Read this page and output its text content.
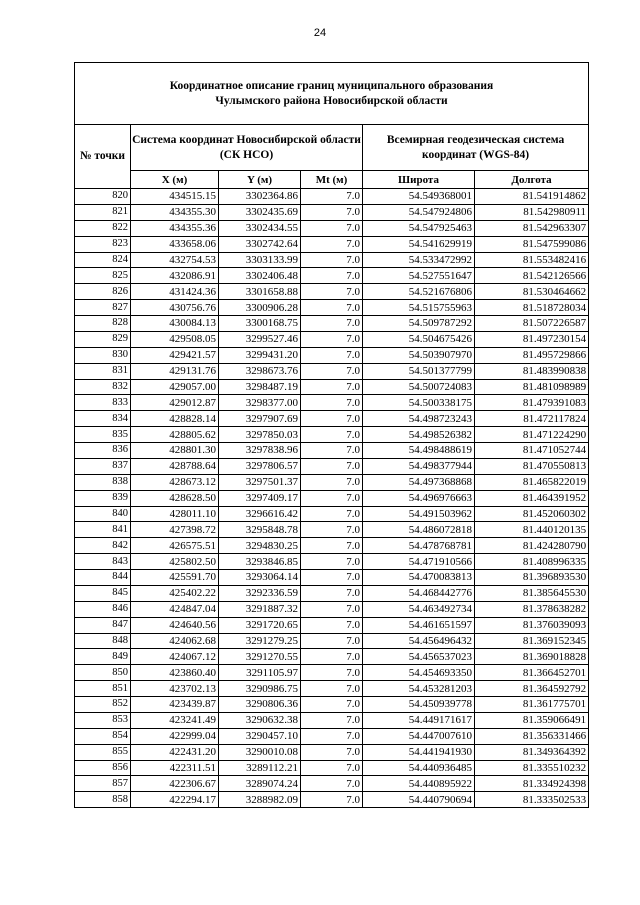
24
Координатное описание границ муниципального образования
Чулымского района Новосибирской области					

№ точки	Система координат Новосибирской области (СК НСО)			Всемирная геодезическая система координат (WGS-84)	
	X (м)	Y (м)	Mt (м)	Широта	Долгота
820	434515.15	3302364.86	7.0	54.549368001	81.541914862
821	434355.30	3302435.69	7.0	54.547924806	81.542980911
822	434355.36	3302434.55	7.0	54.547925463	81.542963307
823	433658.06	3302742.64	7.0	54.541629919	81.547599086
824	432754.53	3303133.99	7.0	54.533472992	81.553482416
825	432086.91	3302406.48	7.0	54.527551647	81.542126566
826	431424.36	3301658.88	7.0	54.521676806	81.530464662
827	430756.76	3300906.28	7.0	54.515755963	81.518728034
828	430084.13	3300168.75	7.0	54.509787292	81.507226587
829	429508.05	3299527.46	7.0	54.504675426	81.497230154
830	429421.57	3299431.20	7.0	54.503907970	81.495729866
831	429131.76	3298673.76	7.0	54.501377799	81.483990838
832	429057.00	3298487.19	7.0	54.500724083	81.481098989
833	429012.87	3298377.00	7.0	54.500338175	81.479391083
834	428828.14	3297907.69	7.0	54.498723243	81.472117824
835	428805.62	3297850.03	7.0	54.498526382	81.471224290
836	428801.30	3297838.96	7.0	54.498488619	81.471052744
837	428788.64	3297806.57	7.0	54.498377944	81.470550813
838	428673.12	3297501.37	7.0	54.497368868	81.465822019
839	428628.50	3297409.17	7.0	54.496976663	81.464391952
840	428011.10	3296616.42	7.0	54.491503962	81.452060302
841	427398.72	3295848.78	7.0	54.486072818	81.440120135
842	426575.51	3294830.25	7.0	54.478768781	81.424280790
843	425802.50	3293846.85	7.0	54.471910566	81.408996335
844	425591.70	3293064.14	7.0	54.470083813	81.396893530
845	425402.22	3292336.59	7.0	54.468442776	81.385645530
846	424847.04	3291887.32	7.0	54.463492734	81.378638282
847	424640.56	3291720.65	7.0	54.461651597	81.376039093
848	424062.68	3291279.25	7.0	54.456496432	81.369152345
849	424067.12	3291270.55	7.0	54.456537023	81.369018828
850	423860.40	3291105.97	7.0	54.454693350	81.366452701
851	423702.13	3290986.75	7.0	54.453281203	81.364592792
852	423439.87	3290806.36	7.0	54.450939778	81.361775701
853	423241.49	3290632.38	7.0	54.449171617	81.359066491
854	422999.04	3290457.10	7.0	54.447007610	81.356331466
855	422431.20	3290010.08	7.0	54.441941930	81.349364392
856	422311.51	3289112.21	7.0	54.440936485	81.335510232
857	422306.67	3289074.24	7.0	54.440895922	81.334924398
858	422294.17	3288982.09	7.0	54.440790694	81.333502533
